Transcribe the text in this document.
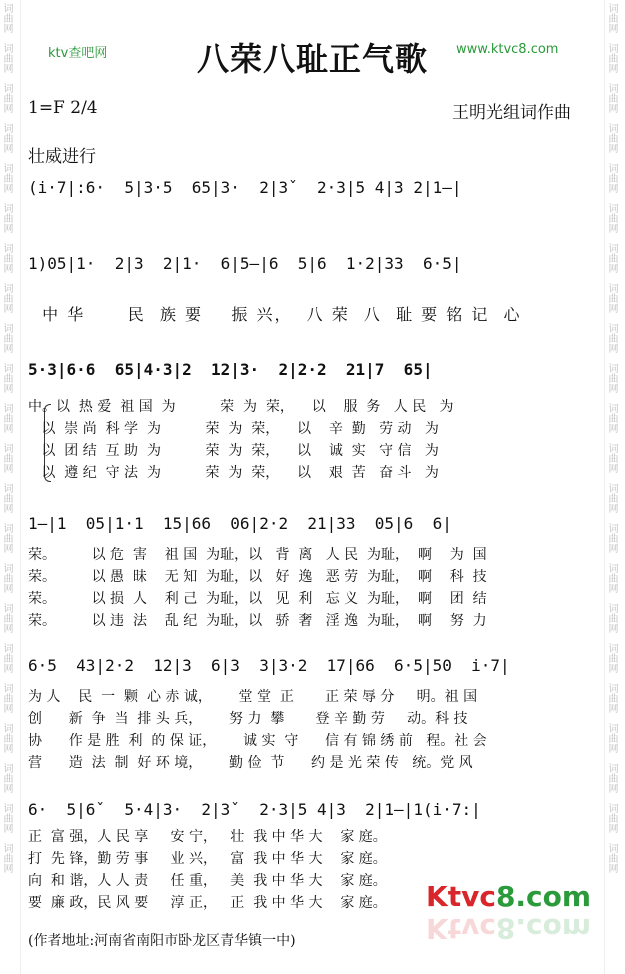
词曲网
词曲网
词曲网
词曲网
词曲网
词曲网
词曲网
词曲网
词曲网
词曲网
词曲网
词曲网
词曲网
词曲网
词曲网
词曲网
词曲网
词曲网
词曲网
词曲网
词曲网
词曲网
词曲网
词曲网
词曲网
词曲网
词曲网
词曲网
词曲网
词曲网
词曲网
词曲网
词曲网
词曲网
词曲网
词曲网
词曲网
词曲网
词曲网
词曲网
词曲网
词曲网
词曲网
词曲网
ktv查吧网	八荣八耻正气歌	www.ktvc8.com
1=F 2/4	王明光组词作曲
壮威进行
(i·7|:6·  5|3·5  65|3·  2|3ˇ  2·3|5 4|3 2|1—|
1)05|1·  2|3  2|1·  6|5—|6  5|6  1·2|33  6·5|
中 华      民  族 要    振 兴，  八 荣  八  耻 要 铭 记  心
5·3|6·6  65|4·3|2  12|3·  2|2·2  21|7  65|
中。以  热 爱  祖 国  为          荣  为  荣，    以    服  务   人 民   为
以  崇 尚  科 学  为          荣  为  荣，    以    辛  勤   劳 动   为
以  团 结  互 助  为          荣  为  荣，    以    诚  实   守 信   为
以  遵 纪  守 法  为          荣  为  荣，    以    艰  苦   奋 斗   为
1—|1  05|1·1  15|66  06|2·2  21|33  05|6  6|
荣。        以 危  害    祖 国  为耻，以   背  离   人 民  为耻，  啊    为  国
荣。        以 愚  昧    无 知  为耻，以   好  逸   恶 劳  为耻，  啊    科  技
荣。        以 损  人    利 己  为耻，以   见  利   忘 义  为耻，  啊    团  结
荣。        以 违  法    乱 纪  为耻，以   骄  奢   淫 逸  为耻，  啊    努  力
6·5  43|2·2  12|3  6|3  3|3·2  17|66  6·5|50  i·7|
为 人    民  一  颗  心 赤 诚，      堂 堂  正       正 荣 辱 分     明。祖 国
创      新  争  当  排 头 兵，      努 力  攀       登 辛 勤 劳     动。科 技
协      作 是 胜  利  的 保 证，      诚 实  守      信 有 锦 绣 前   程。社 会
营      造  法  制  好 环 境，      勤 俭  节      约 是 光 荣 传   统。党 风
6·  5|6ˇ  5·4|3·  2|3ˇ  2·3|5 4|3  2|1—|1(i·7:|
正  富 强，人 民 享     安 宁，   壮  我 中 华 大    家 庭。
打  先 锋，勤 劳 事     业 兴，   富  我 中 华 大    家 庭。
向  和 谐，人 人 责     任 重，   美  我 中 华 大    家 庭。
要  廉 政，民 风 要     淳 正，   正  我 中 华 大    家 庭。 Ktvc8.com
Ktvc8.com
(作者地址:河南省南阳市卧龙区青华镇一中)
